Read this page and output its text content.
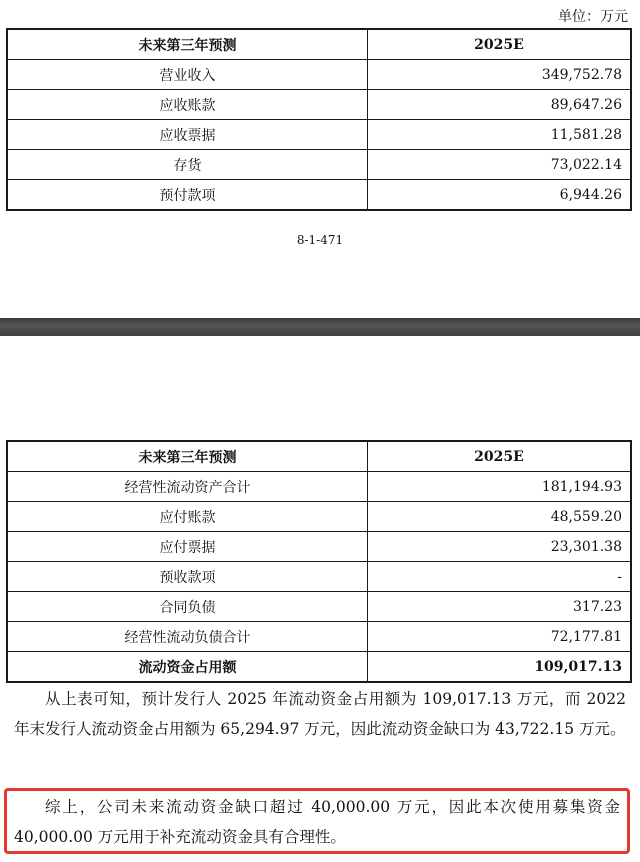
单位：万元
未来第三年预测	2025E
营业收入	349,752.78
应收账款	89,647.26
应收票据	11,581.28
存货	73,022.14
预付款项	6,944.26
8-1-471
未来第三年预测	2025E
经营性流动资产合计	181,194.93
应付账款	48,559.20
应付票据	23,301.38
预收款项	-
合同负债	317.23
经营性流动负债合计	72,177.81
流动资金占用额	109,017.13

从上表可知，预计发行人 2025 年流动资金占用额为 109,017.13 万元，而 2022 年末发行人流动资金占用额为 65,294.97 万元，因此流动资金缺口为 43,722.15 万元。

综上，公司未来流动资金缺口超过 40,000.00 万元，因此本次使用募集资金 40,000.00 万元用于补充流动资金具有合理性。
